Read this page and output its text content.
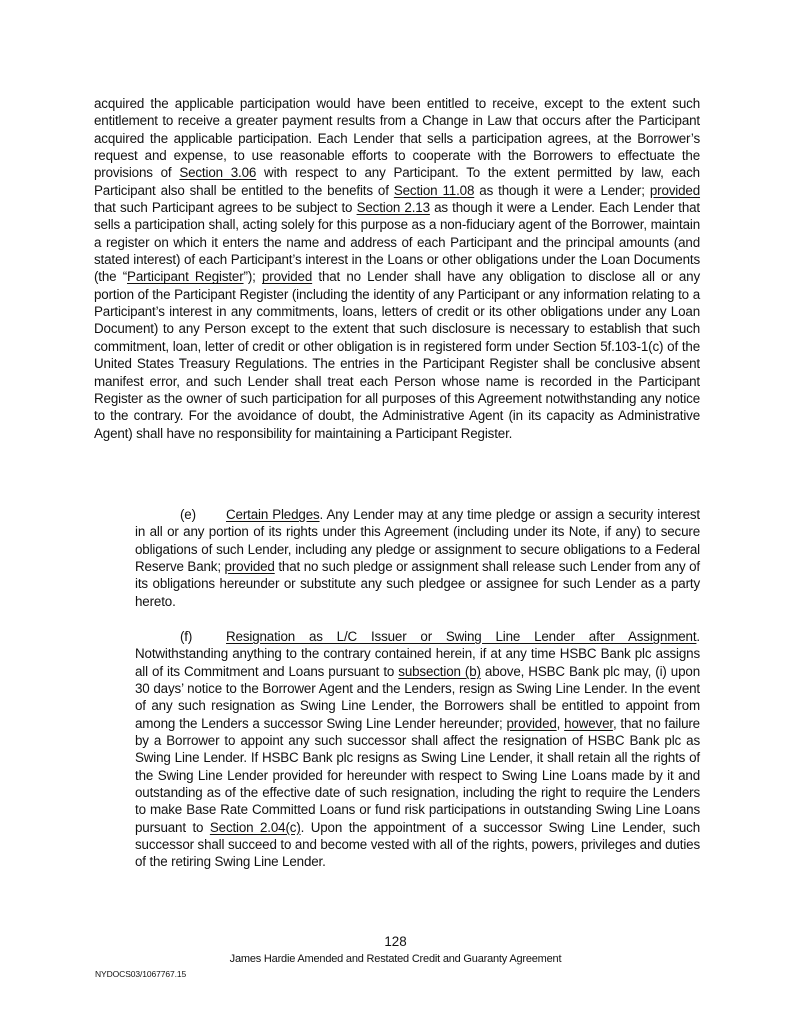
acquired the applicable participation would have been entitled to receive, except to the extent such entitlement to receive a greater payment results from a Change in Law that occurs after the Participant acquired the applicable participation. Each Lender that sells a participation agrees, at the Borrower’s request and expense, to use reasonable efforts to cooperate with the Borrowers to effectuate the provisions of Section 3.06 with respect to any Participant. To the extent permitted by law, each Participant also shall be entitled to the benefits of Section 11.08 as though it were a Lender; provided that such Participant agrees to be subject to Section 2.13 as though it were a Lender. Each Lender that sells a participation shall, acting solely for this purpose as a non-fiduciary agent of the Borrower, maintain a register on which it enters the name and address of each Participant and the principal amounts (and stated interest) of each Participant’s interest in the Loans or other obligations under the Loan Documents (the “Participant Register”); provided that no Lender shall have any obligation to disclose all or any portion of the Participant Register (including the identity of any Participant or any information relating to a Participant’s interest in any commitments, loans, letters of credit or its other obligations under any Loan Document) to any Person except to the extent that such disclosure is necessary to establish that such commitment, loan, letter of credit or other obligation is in registered form under Section 5f.103-1(c) of the United States Treasury Regulations. The entries in the Participant Register shall be conclusive absent manifest error, and such Lender shall treat each Person whose name is recorded in the Participant Register as the owner of such participation for all purposes of this Agreement notwithstanding any notice to the contrary. For the avoidance of doubt, the Administrative Agent (in its capacity as Administrative Agent) shall have no responsibility for maintaining a Participant Register.

(e) Certain Pledges. Any Lender may at any time pledge or assign a security interest in all or any portion of its rights under this Agreement (including under its Note, if any) to secure obligations of such Lender, including any pledge or assignment to secure obligations to a Federal Reserve Bank; provided that no such pledge or assignment shall release such Lender from any of its obligations hereunder or substitute any such pledgee or assignee for such Lender as a party hereto.

(f)	Resignation as L/C Issuer or Swing Line Lender after Assignment. Notwithstanding anything to the contrary contained herein, if at any time HSBC Bank plc assigns all of its Commitment and Loans pursuant to subsection (b) above, HSBC Bank plc may, (i) upon 30 days’ notice to the Borrower Agent and the Lenders, resign as Swing Line Lender. In the event of any such resignation as Swing Line Lender, the Borrowers shall be entitled to appoint from among the Lenders a successor Swing Line Lender hereunder; provided, however, that no failure by a Borrower to appoint any such successor shall affect the resignation of HSBC Bank plc as Swing Line Lender. If HSBC Bank plc resigns as Swing Line Lender, it shall retain all the rights of the Swing Line Lender provided for hereunder with respect to Swing Line Loans made by it and outstanding as of the effective date of such resignation, including the right to require the Lenders to make Base Rate Committed Loans or fund risk participations in outstanding Swing Line Loans pursuant to Section 2.04(c). Upon the appointment of a successor Swing Line Lender, such successor shall succeed to and become vested with all of the rights, powers, privileges and duties of the retiring Swing Line Lender.

128
James Hardie Amended and Restated Credit and Guaranty Agreement
NYDOCS03/1067767.15
